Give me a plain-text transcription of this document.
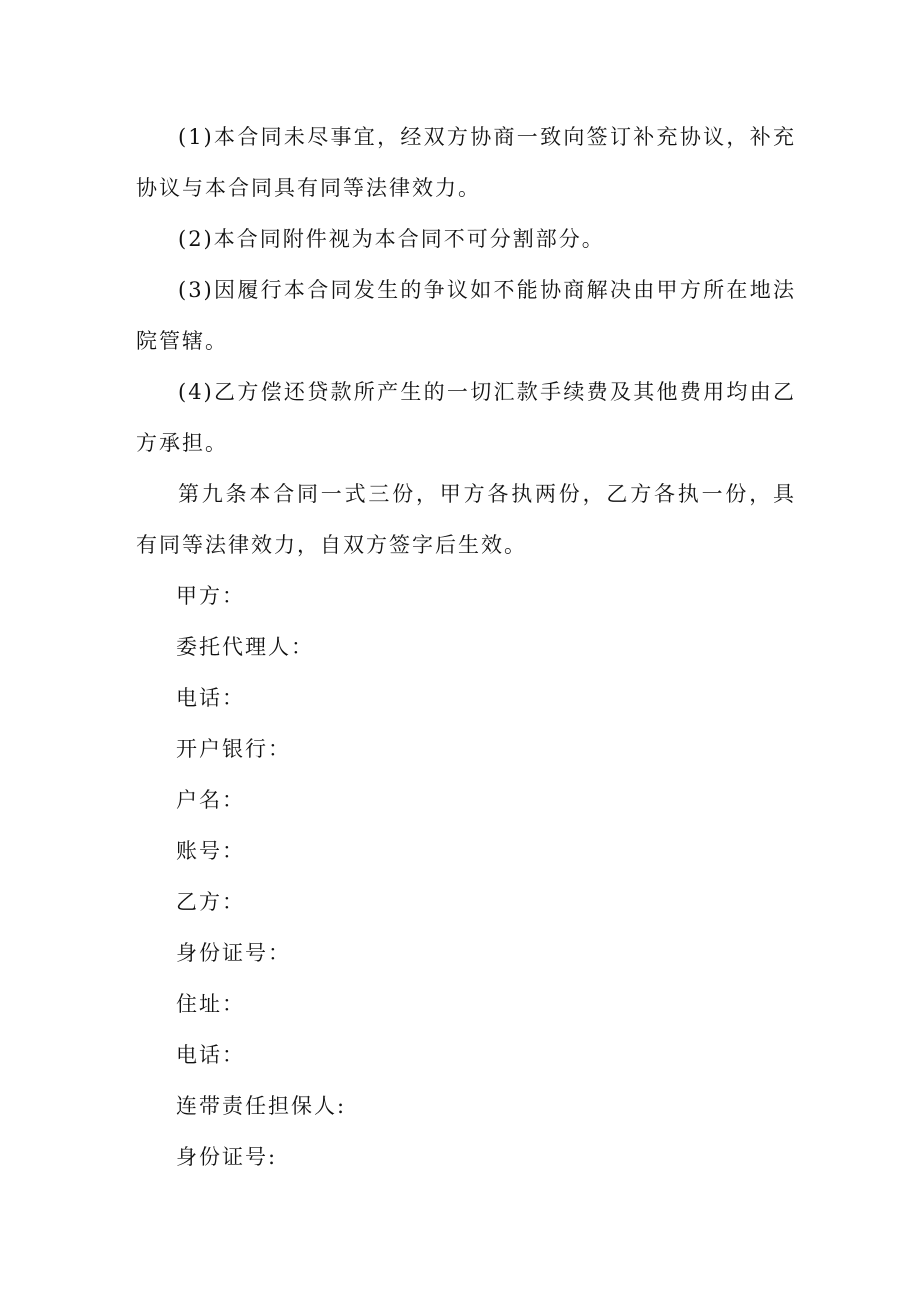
(1)本合同未尽事宜，经双方协商一致向签订补充协议，补充协议与本合同具有同等法律效力。

(2)本合同附件视为本合同不可分割部分。

(3)因履行本合同发生的争议如不能协商解决由甲方所在地法院管辖。

(4)乙方偿还贷款所产生的一切汇款手续费及其他费用均由乙方承担。

第九条本合同一式三份，甲方各执两份，乙方各执一份，具有同等法律效力，自双方签字后生效。

甲方：
委托代理人：
电话：
开户银行：
户名：
账号：
乙方：
身份证号：
住址：
电话：
连带责任担保人:
身份证号:
